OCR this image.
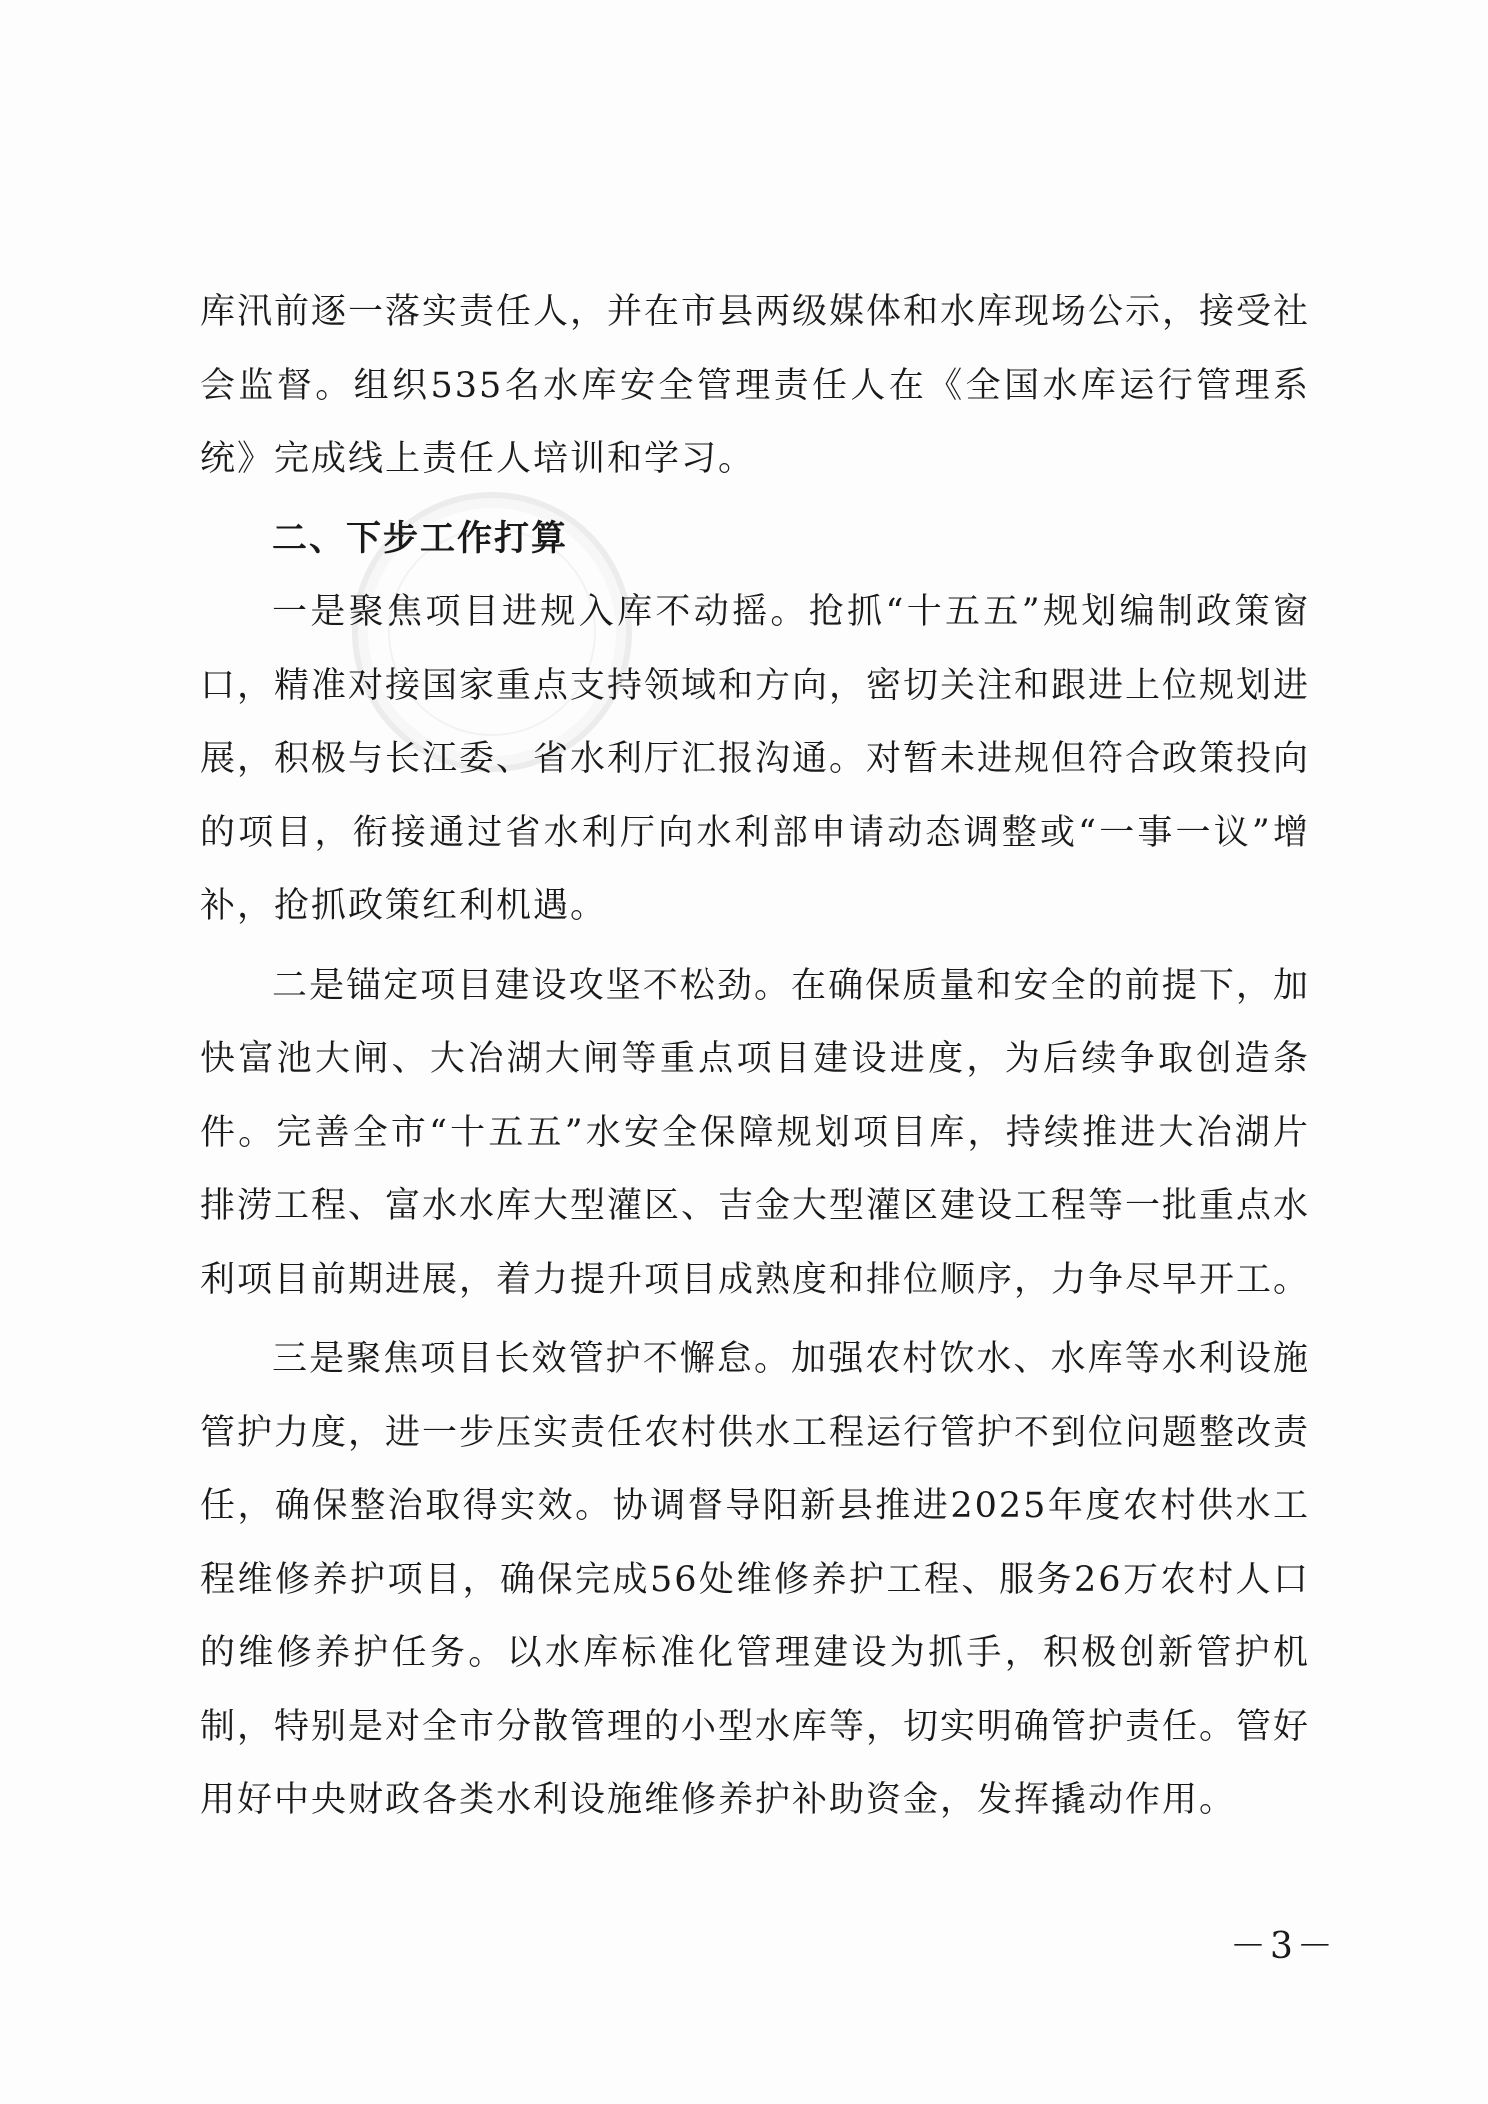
库汛前逐一落实责任人，并在市县两级媒体和水库现场公示，接受社会监督。组织535名水库安全管理责任人在《全国水库运行管理系统》完成线上责任人培训和学习。

二、下步工作打算

一是聚焦项目进规入库不动摇。抢抓“十五五”规划编制政策窗口，精准对接国家重点支持领域和方向，密切关注和跟进上位规划进展，积极与长江委、省水利厅汇报沟通。对暂未进规但符合政策投向的项目，衔接通过省水利厅向水利部申请动态调整或“一事一议”增补，抢抓政策红利机遇。

二是锚定项目建设攻坚不松劲。在确保质量和安全的前提下，加快富池大闸、大冶湖大闸等重点项目建设进度，为后续争取创造条件。完善全市“十五五”水安全保障规划项目库，持续推进大冶湖片排涝工程、富水水库大型灌区、吉金大型灌区建设工程等一批重点水利项目前期进展，着力提升项目成熟度和排位顺序，力争尽早开工。

三是聚焦项目长效管护不懈怠。加强农村饮水、水库等水利设施管护力度，进一步压实责任农村供水工程运行管护不到位问题整改责任，确保整治取得实效。协调督导阳新县推进2025年度农村供水工程维修养护项目，确保完成56处维修养护工程、服务26万农村人口的维修养护任务。以水库标准化管理建设为抓手，积极创新管护机制，特别是对全市分散管理的小型水库等，切实明确管护责任。管好用好中央财政各类水利设施维修养护补助资金，发挥撬动作用。

－3－
